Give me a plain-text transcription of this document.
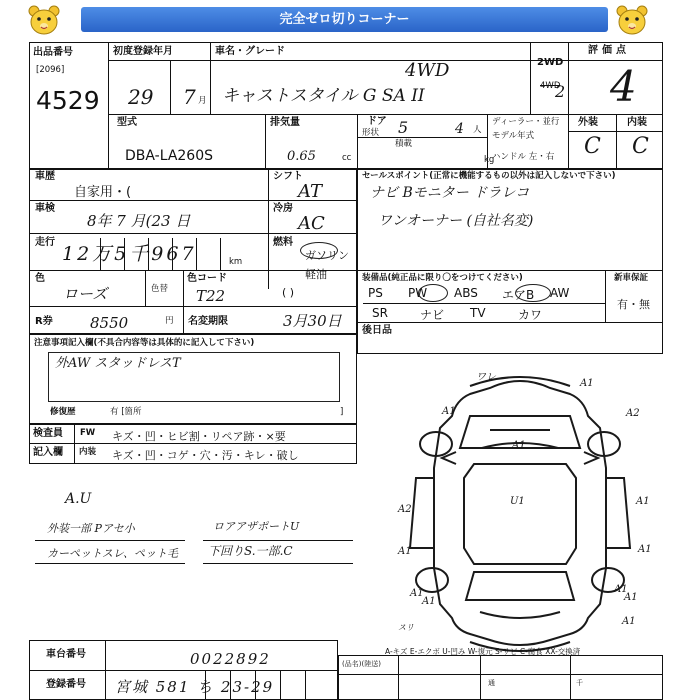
完全ゼロ切りコーナー
出品番号
[2096]
4529
初度登録年月
29 7 月
車名・グレード
4WD
キャストスタイル G SA II
2WD
4WD
2
評価点
4
外装	内装
C C
型式
DBA-LA260S
排気量
0.65	cc
ドア
形状 5	4 人
積載
kg
ディーラー・並行
モデル年式
ハンドル 左・右
車歴
自家用・(
シフト
AT
車検
8年 7 月(23 日
冷房
AC
走行
12万5千967	km
燃料
ガソリン
軽油
( )
色
ローズ	色替
色コード
T22
R券 8550	円 名変期限	3月30日
セールスポイント(正常に機能するもの以外は記入しないで下さい)
ナビ Bモニター ドラレコ
ワンオーナー (自社名変)
装備品(純正品に限り〇をつけてください)	新車保証
有・無
PS	PW	ABS	エアB	AW
SR	ナビ	TV	カワ
後日品
注意事項記入欄(不具合内容等は具体的に記入して下さい)
外AW スタッドレスT
修復歴	有 [箇所	]
検査員
記入欄
FW キズ・凹・ヒビ割・リペア跡・×要
内装 キズ・凹・コゲ・穴・汚・キレ・破し
A.U
外装一部 Pアセ小	ロアアザポートU
カーペットスレ、ペット毛 下回りS.一部.C
ワレ
A1
A1
A2
A1
A1
A1
A1
A1
A1
A1
A1
A1
A2
U1
スリ
A-キズ E-エクボ U-凹み W-復元 S-サビ C-腐食 XX-交換済
車台番号	0022892
登録番号 宮城 581 ち 23-29
(品名)(陸送)
通	千
